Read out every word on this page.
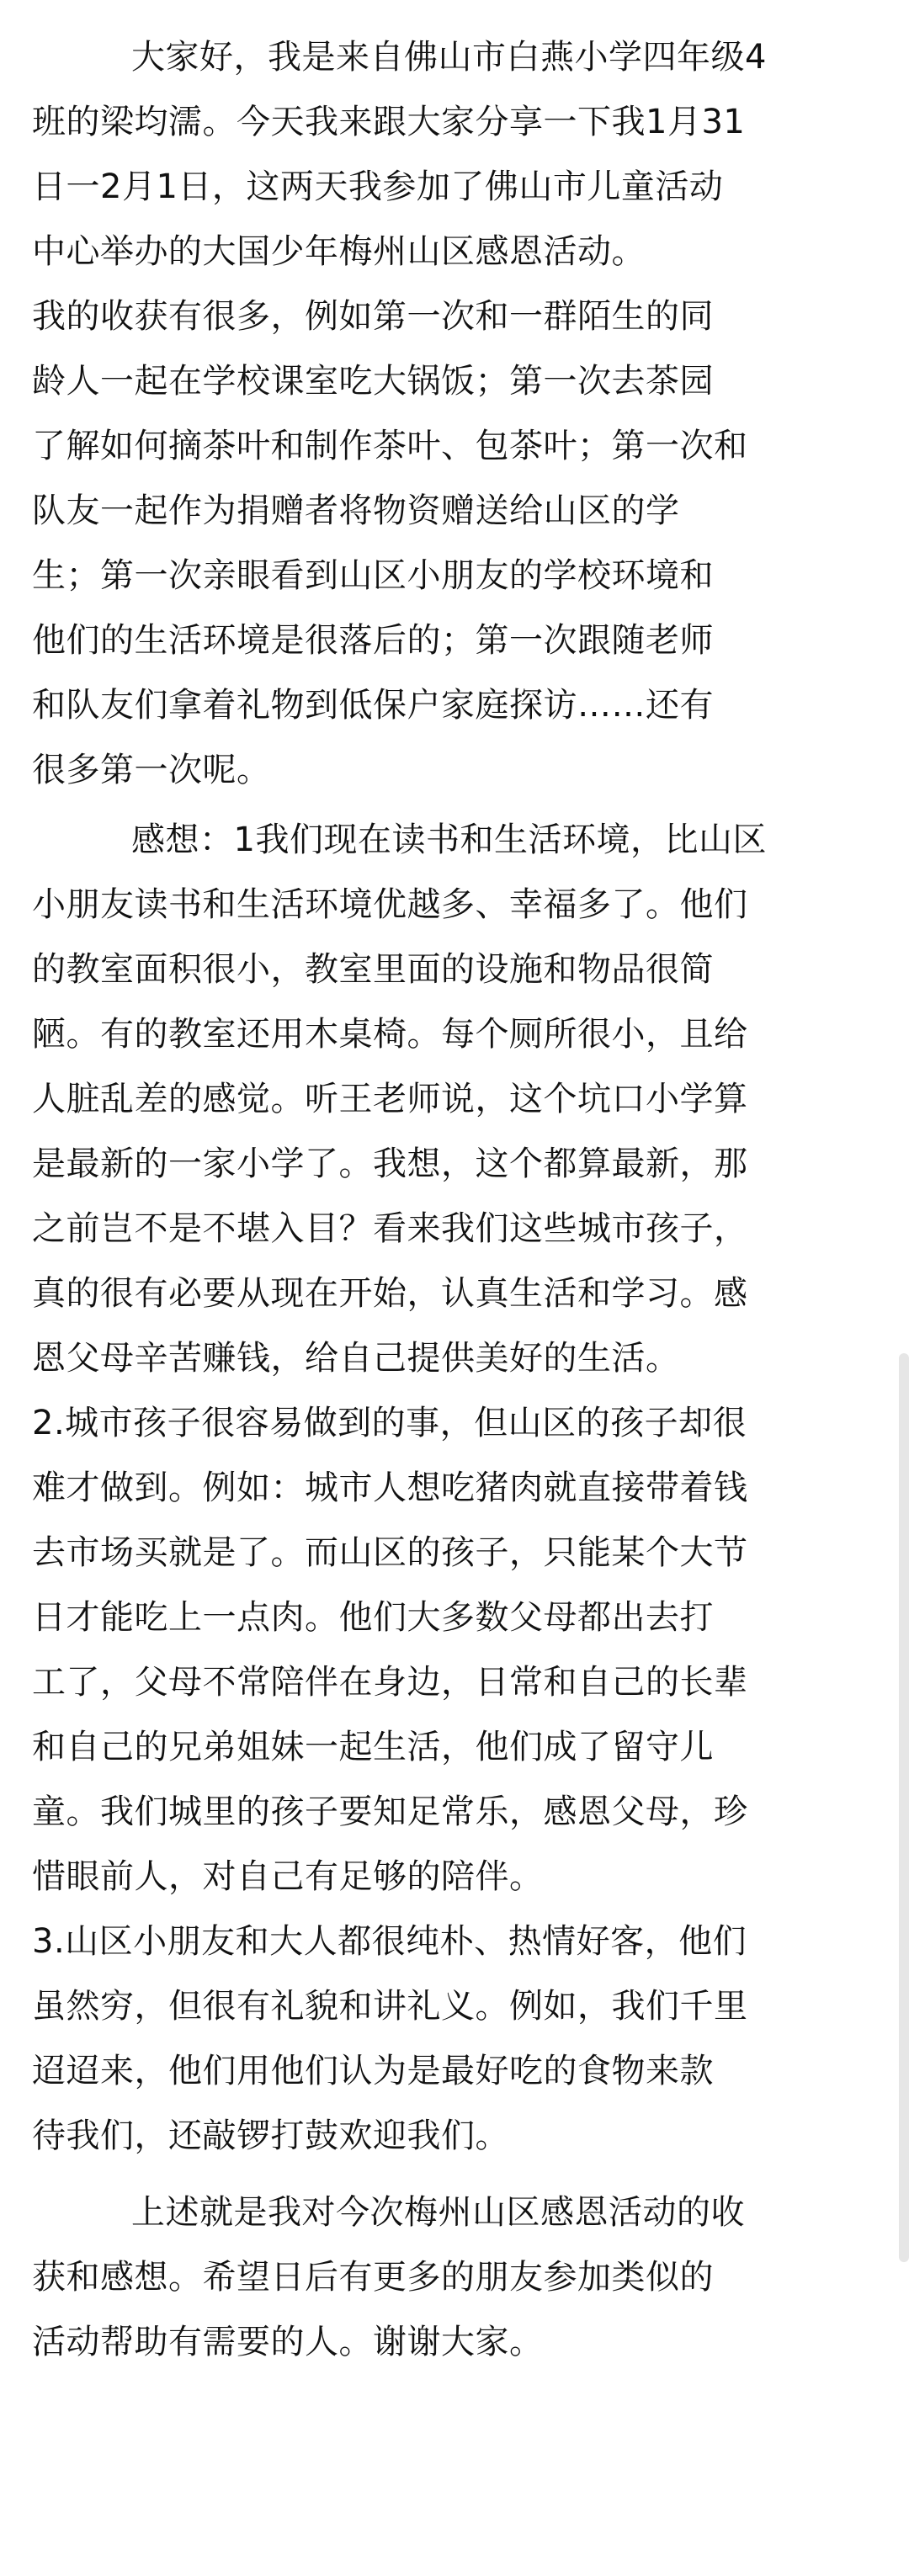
大家好，我是来自佛山市白燕小学四年级4
班的梁均濡。今天我来跟大家分享一下我1月31
日一2月1日，这两天我参加了佛山市儿童活动
中心举办的大国少年梅州山区感恩活动。
我的收获有很多，例如第一次和一群陌生的同
龄人一起在学校课室吃大锅饭；第一次去茶园
了解如何摘茶叶和制作茶叶、包茶叶；第一次和
队友一起作为捐赠者将物资赠送给山区的学
生；第一次亲眼看到山区小朋友的学校环境和
他们的生活环境是很落后的；第一次跟随老师
和队友们拿着礼物到低保户家庭探访……还有
很多第一次呢。
感想：1我们现在读书和生活环境，比山区
小朋友读书和生活环境优越多、幸福多了。他们
的教室面积很小，教室里面的设施和物品很简
陋。有的教室还用木桌椅。每个厕所很小，且给
人脏乱差的感觉。听王老师说，这个坑口小学算
是最新的一家小学了。我想，这个都算最新，那
之前岂不是不堪入目？看来我们这些城市孩子，
真的很有必要从现在开始，认真生活和学习。感
恩父母辛苦赚钱，给自己提供美好的生活。
2.城市孩子很容易做到的事，但山区的孩子却很
难才做到。例如：城市人想吃猪肉就直接带着钱
去市场买就是了。而山区的孩子，只能某个大节
日才能吃上一点肉。他们大多数父母都出去打
工了，父母不常陪伴在身边，日常和自己的长辈
和自己的兄弟姐妹一起生活，他们成了留守儿
童。我们城里的孩子要知足常乐，感恩父母，珍
惜眼前人，对自己有足够的陪伴。
3.山区小朋友和大人都很纯朴、热情好客，他们
虽然穷，但很有礼貌和讲礼义。例如，我们千里
迢迢来，他们用他们认为是最好吃的食物来款
待我们，还敲锣打鼓欢迎我们。
上述就是我对今次梅州山区感恩活动的收
获和感想。希望日后有更多的朋友参加类似的
活动帮助有需要的人。谢谢大家。
